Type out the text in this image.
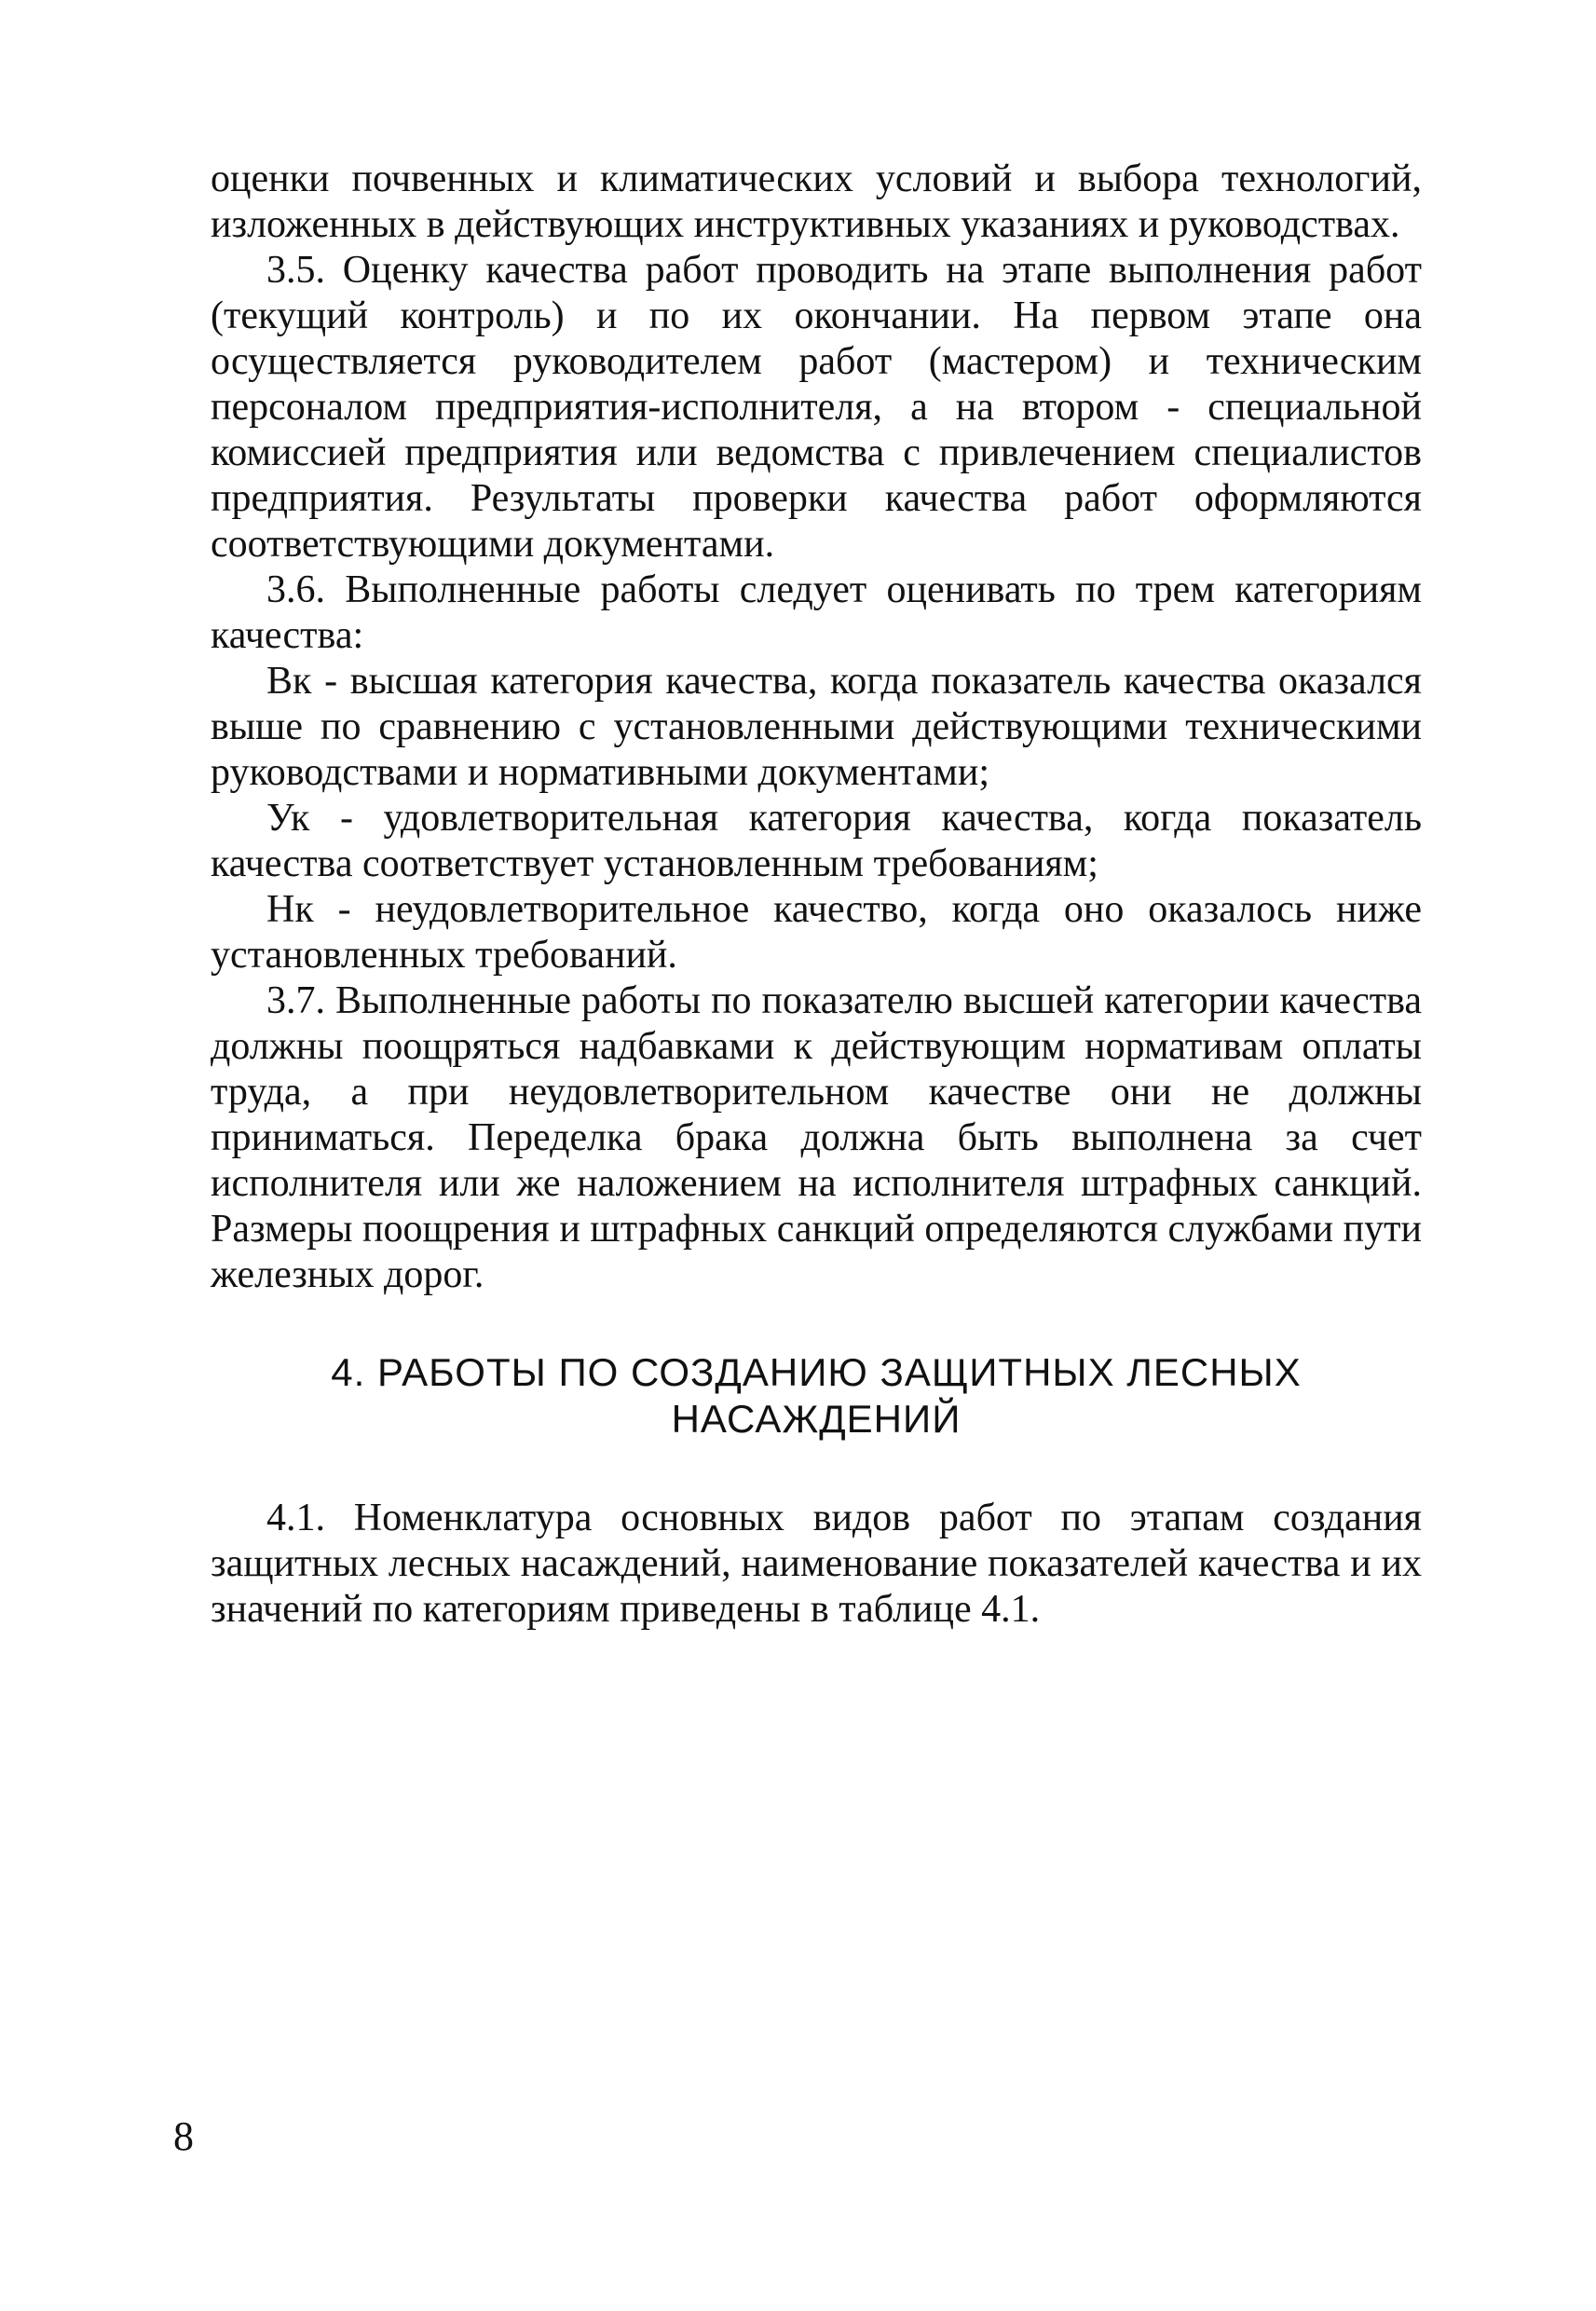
оценки почвенных и климатических условий и выбора технологий, изложенных в действующих инструктивных указаниях и руководствах.

3.5. Оценку качества работ проводить на этапе выполнения работ (текущий контроль) и по их окончании. На первом этапе она осуществляется руководителем работ (мастером) и техническим персоналом предприятия-исполнителя, а на втором - специальной комиссией предприятия или ведомства с привлечением специалистов предприятия. Результаты проверки качества работ оформляются соответствующими документами.

3.6. Выполненные работы следует оценивать по трем категориям качества:

Вк - высшая категория качества, когда показатель качества оказался выше по сравнению с установленными действующими техническими руководствами и нормативными документами;

Ук - удовлетворительная категория качества, когда показатель качества соответствует установленным требованиям;

Нк - неудовлетворительное качество, когда оно оказалось ниже установленных требований.

3.7. Выполненные работы по показателю высшей категории качества должны поощряться надбавками к действующим нормативам оплаты труда, а при неудовлетворительном качестве они не должны приниматься. Переделка брака должна быть выполнена за счет исполнителя или же наложением на исполнителя штрафных санкций. Размеры поощрения и штрафных санкций определяются службами пути железных дорог.

4. РАБОТЫ ПО СОЗДАНИЮ ЗАЩИТНЫХ ЛЕСНЫХ
НАСАЖДЕНИЙ

4.1. Номенклатура основных видов работ по этапам создания защитных лесных насаждений, наименование показателей качества и их значений по категориям приведены в таблице 4.1.

8
